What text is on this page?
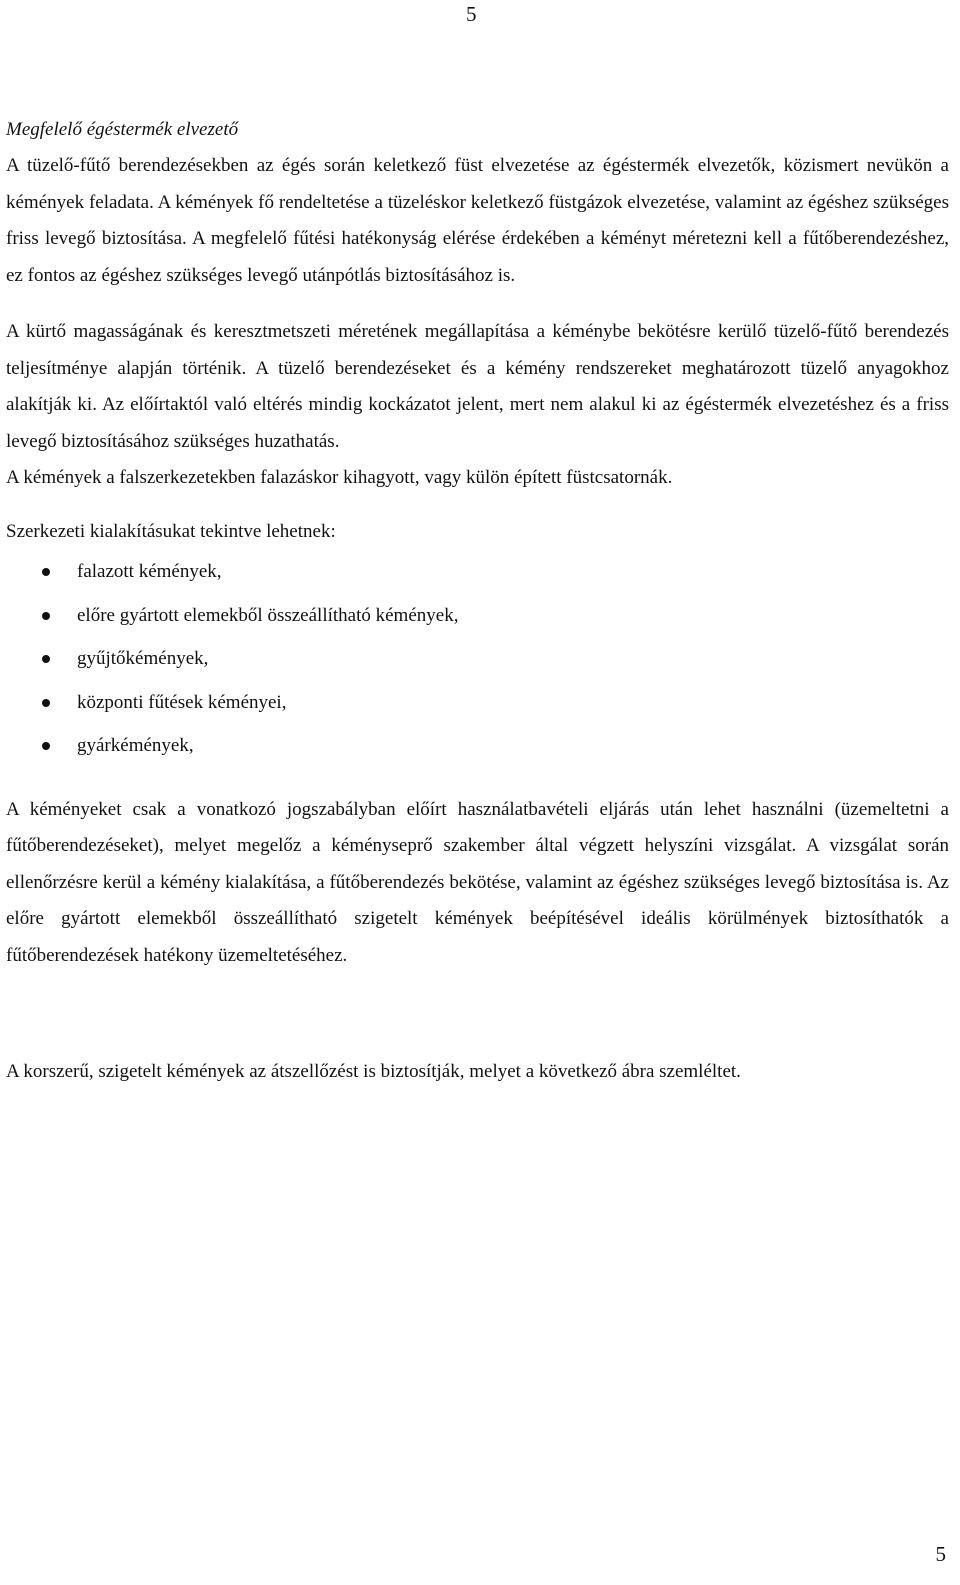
5

Megfelelő égéstermék elvezető

A tüzelő-fűtő berendezésekben az égés során keletkező füst elvezetése az égéstermék elvezetők, közismert nevükön a kémények feladata. A kémények fő rendeltetése a tüzeléskor keletkező füstgázok elvezetése, valamint az égéshez szükséges friss levegő biztosítása. A megfelelő fűtési hatékonyság elérése érdekében a kéményt méretezni kell a fűtőberendezéshez, ez fontos az égéshez szükséges levegő utánpótlás biztosításához is.

A kürtő magasságának és keresztmetszeti méretének megállapítása a kéménybe bekötésre kerülő tüzelő-fűtő berendezés teljesítménye alapján történik. A tüzelő berendezéseket és a kémény rendszereket meghatározott tüzelő anyagokhoz alakítják ki. Az előírtaktól való eltérés mindig kockázatot jelent, mert nem alakul ki az égéstermék elvezetéshez és a friss levegő biztosításához szükséges huzathatás.

A kémények a falszerkezetekben falazáskor kihagyott, vagy külön épített füstcsatornák.

Szerkezeti kialakításukat tekintve lehetnek:

falazott kémények,
előre gyártott elemekből összeállítható kémények,
gyűjtőkémények,
központi fűtések kéményei,
gyárkémények,

A kéményeket csak a vonatkozó jogszabályban előírt használatbavételi eljárás után lehet használni (üzemeltetni a fűtőberendezéseket), melyet megelőz a kéményseprő szakember által végzett helyszíni vizsgálat. A vizsgálat során ellenőrzésre kerül a kémény kialakítása, a fűtőberendezés bekötése, valamint az égéshez szükséges levegő biztosítása is. Az előre gyártott elemekből összeállítható szigetelt kémények beépítésével ideális körülmények biztosíthatók a fűtőberendezések hatékony üzemeltetéséhez.

A korszerű, szigetelt kémények az átszellőzést is biztosítják, melyet a következő ábra szemléltet.

5
